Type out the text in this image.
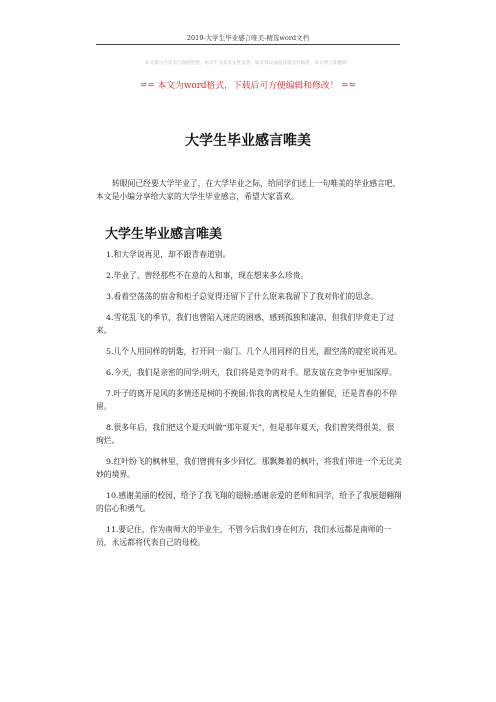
2019-大学生毕业感言唯美-精选word文档
本文部分内容来自网络整理，本司不为其真实性负责，如有异议或侵权请及时联系，本司将立即删除！
== 本文为word格式，下载后可方便编辑和修改！ ==
大学生毕业感言唯美

转眼间已经要大学毕业了，在大学毕业之际，给同学们送上一句唯美的毕业感言吧，本文是小编分享给大家的大学生毕业感言，希望大家喜欢。

大学生毕业感言唯美
1.和大学说再见，却不跟青春道别。
2.毕业了，曾经那些不在意的人和事，现在想来多么珍贵。
3.看着空荡荡的宿舍和柜子总觉得还留下了什么原来我留下了我对你们的思念。
4.雪花乱飞的季节，我们也曾陷入迷茫的困惑，感到孤独和凄凉，但我们毕竟走了过来。
5.几个人用同样的钥匙，打开同一扇门。几个人用同样的目光，跟空荡的寝室说再见。
6.今天，我们是亲密的同学;明天，我们将是竞争的对手。愿友谊在竞争中更加深厚。
7.叶子的离开是风的多情还是树的不挽留;你我的离校是人生的催促，还是青春的不停留。
8.很多年后，我们把这个夏天叫做“那年夏天”，但是那年夏天，我们曾笑得很美，很绚烂。
9.红叶纷飞的枫林里，我们曾拥有多少回忆。那飘舞着的枫叶，将我们带进一个无比美妙的境界。
10.感谢美丽的校园，给予了我飞翔的翅膀;感谢亲爱的老师和同学，给予了我展翅翱翔的信心和勇气。
11.要记住，作为南师大的毕业生，不管今后我们身在何方，我们永远都是南师的一员，永远都将代表自己的母校。
